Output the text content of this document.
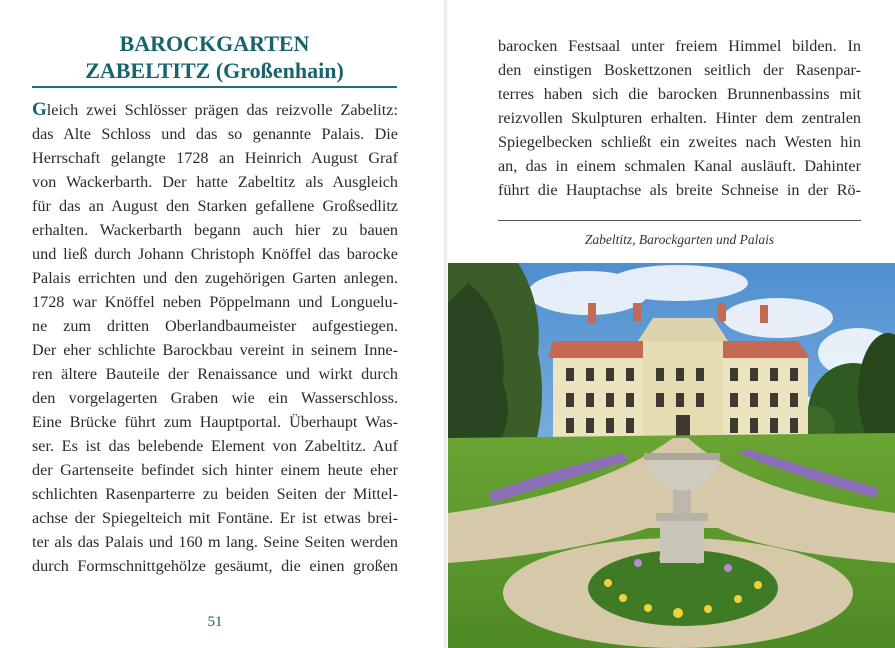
BAROCKGARTEN
ZABELTITZ (Großenhain)
Gleich zwei Schlösser prägen das reizvolle Zabelitz:
das Alte Schloss und das so genannte Palais. Die
Herrschaft gelangte 1728 an Heinrich August Graf
von Wackerbarth. Der hatte Zabeltitz als Ausgleich
für das an August den Starken gefallene Großsedlitz
erhalten. Wackerbarth begann auch hier zu bauen
und ließ durch Johann Christoph Knöffel das barocke
Palais errichten und den zugehörigen Garten anlegen.
1728 war Knöffel neben Pöppelmann und Longuelu-
ne zum dritten Oberlandbaumeister aufgestiegen.
Der eher schlichte Barockbau vereint in seinem Inne-
ren ältere Bauteile der Renaissance und wirkt durch
den vorgelagerten Graben wie ein Wasserschloss.
Eine Brücke führt zum Hauptportal. Überhaupt Was-
ser. Es ist das belebende Element von Zabeltitz. Auf
der Gartenseite befindet sich hinter einem heute eher
schlichten Rasenparterre zu beiden Seiten der Mittel-
achse der Spiegelteich mit Fontäne. Er ist etwas brei-
ter als das Palais und 160 m lang. Seine Seiten werden
durch Formschnittgehölze gesäumt, die einen großen
51
barocken Festsaal unter freiem Himmel bilden. In
den einstigen Boskettzonen seitlich der Rasenpar-
terres haben sich die barocken Brunnenbassins mit
reizvollen Skulpturen erhalten. Hinter dem zentralen
Spiegelbecken schließt ein zweites nach Westen hin
an, das in einem schmalen Kanal ausläuft. Dahinter
führt die Hauptachse als breite Schneise in der Rö-
Zabeltitz, Barockgarten und Palais
